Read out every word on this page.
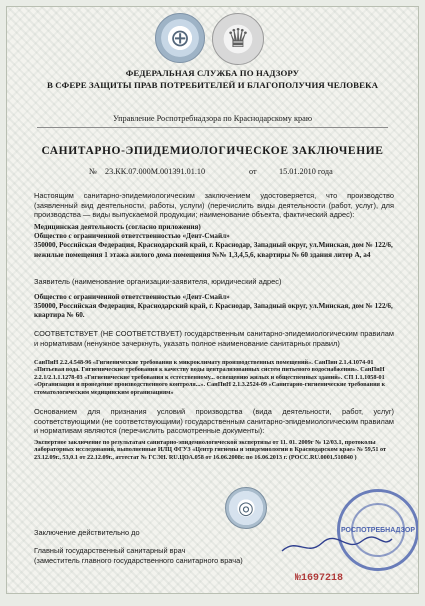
⊕ ♛
ФЕДЕРАЛЬНАЯ СЛУЖБА ПО НАДЗОРУ
В СФЕРЕ ЗАЩИТЫ ПРАВ ПОТРЕБИТЕЛЕЙ И БЛАГОПОЛУЧИЯ ЧЕЛОВЕКА
Управление Роспотребнадзора по Краснодарскому краю
САНИТАРНО-ЭПИДЕМИОЛОГИЧЕСКОЕ ЗАКЛЮЧЕНИЕ
№ 23.КК.07.000М.001391.01.10	от	15.01.2010 года
Настоящим санитарно-эпидемиологическим заключением удостоверяется, что производство (заявленный вид деятельности, работы, услуги) (перечислить виды деятельности (работ, услуг), для производства — виды выпускаемой продукции; наименование объекта, фактический адрес):
Медицинская деятельность (согласно приложения)
Общество с ограниченной ответственностью «Дент-Смайл»
350000, Российская Федерация, Краснодарский край, г. Краснодар, Западный округ, ул.Минская, дом № 122/6, нежилые помещения 1 этажа жилого дома помещения №№ 1,3,4,5,6, квартиры № 60 здания литер А, а4
Заявитель (наименование организации-заявителя, юридический адрес)
Общество с ограниченной ответственностью «Дент-Смайл»
350000, Российская Федерация, Краснодарский край, г. Краснодар, Западный округ, ул.Минская, дом № 122/6, квартира № 60.
СООТВЕТСТВУЕТ (НЕ СООТВЕТСТВУЕТ) государственным санитарно-эпидемиологическим правилам и нормативам (ненужное зачеркнуть, указать полное наименование санитарных правил)
СанПиН 2.2.4.548-96 «Гигиенические требования к микроклимату производственных помещений». СанПин 2.1.4.1074-01 «Питьевая вода. Гигиенические требования к качеству воды централизованных систем питьевого водоснабжения». СанПиН 2.2.1/2.1.1.1278-03 «Гигиенические требования к естественному... освещению жилых и общественных зданий». СП 1.1.1058-01 «Организация и проведение производственного контроля...». СанПиН 2.1.3.2524-09 «Санитарно-гигиенические требования к стоматологическим медицинским организациям»
Основанием для признания условий производства (вида деятельности, работ, услуг) соответствующими (не соответствующими) государственным санитарно-эпидемиологическим правилам и нормативам являются (перечислить рассмотренные документы):
Экспертное заключение по результатам санитарно-эпидемиологической экспертизы от 11. 01. 2009г № 12/03.1, протоколы лабораторных исследований, выполненные ИЛЦ ФГУЗ «Центр гигиены и эпидемиологии в Краснодарском крае» № 59,51 от 23.12.09г., 53,0.1 от 22.12.09г., аттестат № ГСЭН. RU.ЦОА.058 от 16.06.2008г. по 16.06.2013 г. (РОСС.RU.0001.510840 )
◎
Заключение действительно до
Главный государственный санитарный врач
(заместитель главного государственного санитарного врача)
РОСПОТРЕБНАДЗОР
№1697218
